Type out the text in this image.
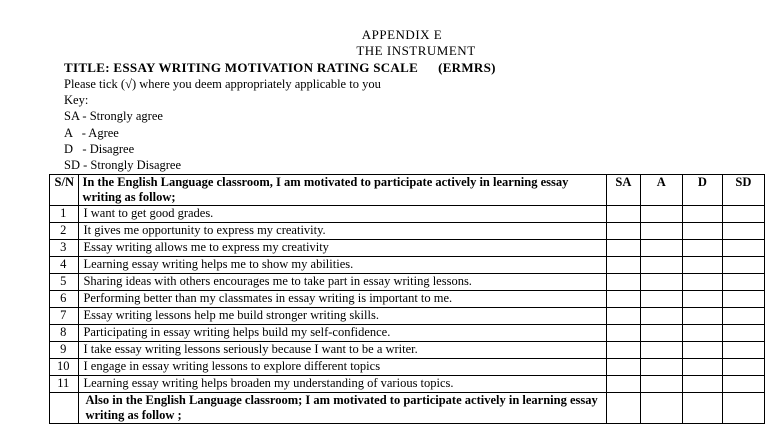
APPENDIX E
THE INSTRUMENT
TITLE: ESSAY WRITING MOTIVATION RATING SCALE (ERMRS)
Please tick (√) where you deem appropriately applicable to you
Key:
SA - Strongly agree
A   - Agree
D   - Disagree
SD - Strongly Disagree
S/N	In the English Language classroom, I am motivated to participate actively in learning essay writing as follow;	SA	A	D	SD
1	I want to get good grades.				
2	It gives me opportunity to express my creativity.				
3	Essay writing allows me to express my creativity				
4	Learning essay writing helps me to show my abilities.				
5	Sharing ideas with others encourages me to take part in essay writing lessons.				
6	Performing better than my classmates in essay writing is important to me.				
7	Essay writing lessons help me build stronger writing skills.				
8	Participating in essay writing helps build my self-confidence.				
9	I take essay writing lessons seriously because I want to be a writer.				
10	I engage in essay writing lessons to explore different topics				
11	Learning essay writing helps broaden my understanding of various topics.				
	Also in the English Language classroom; I am motivated to participate actively in learning essay writing as follow ;				
